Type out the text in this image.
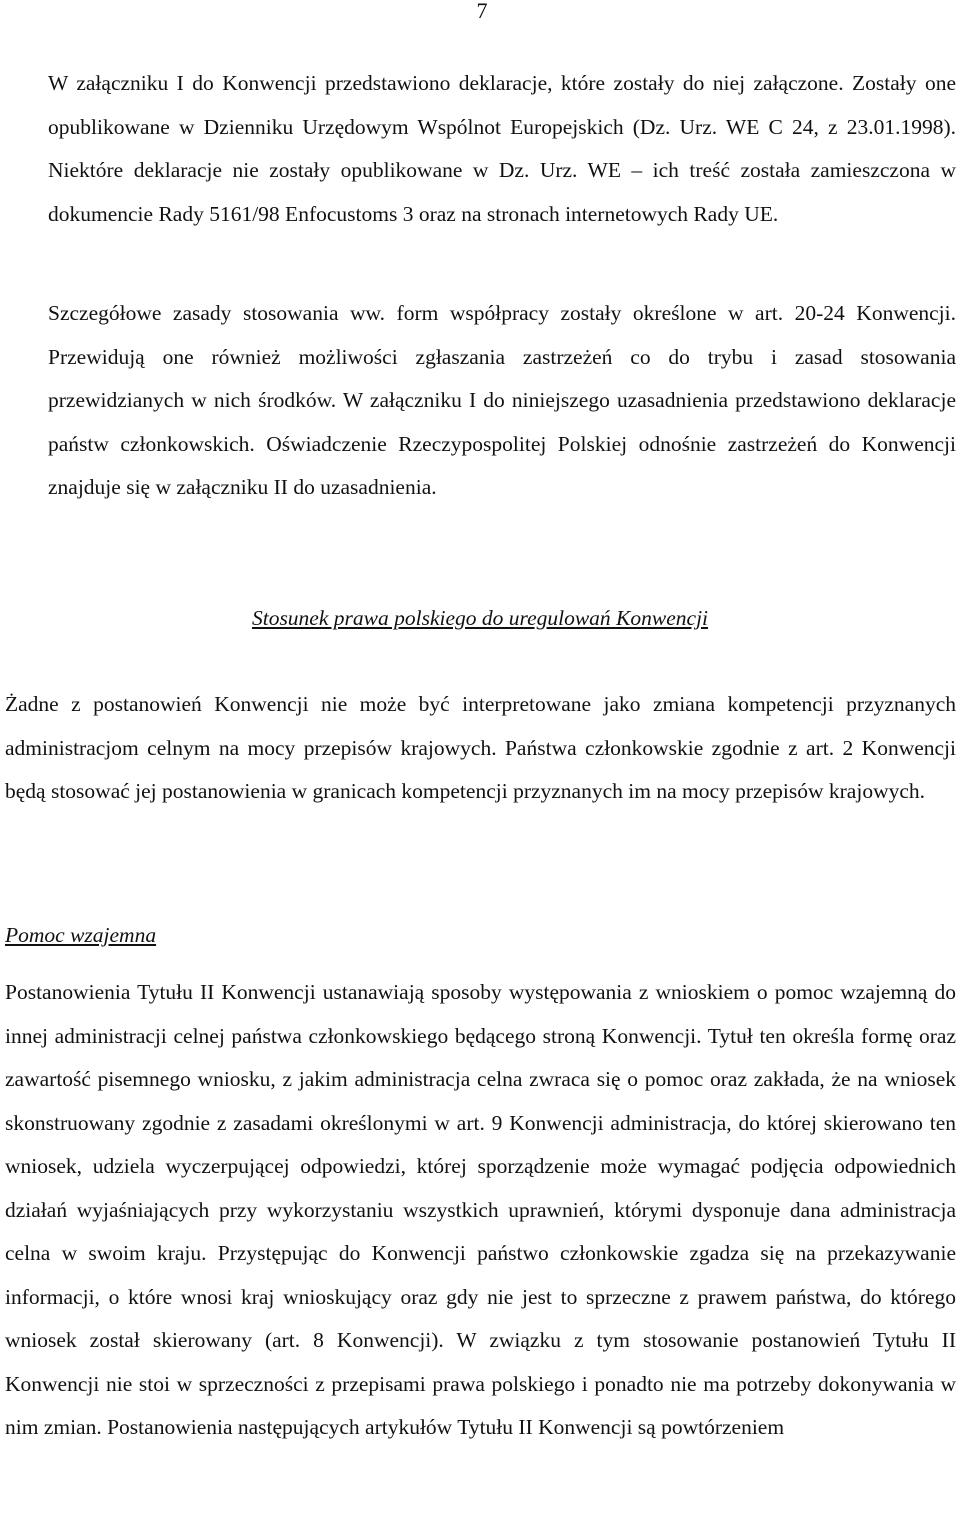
7

W załączniku I do Konwencji przedstawiono deklaracje, które zostały do niej załączone. Zostały one opublikowane w Dzienniku Urzędowym Wspólnot Europejskich (Dz. Urz. WE C 24, z 23.01.1998). Niektóre deklaracje nie zostały opublikowane w Dz. Urz. WE – ich treść została zamieszczona w dokumencie Rady 5161/98 Enfocustoms 3 oraz na stronach internetowych Rady UE.

Szczegółowe zasady stosowania ww. form współpracy zostały określone w art. 20-24 Konwencji. Przewidują one również możliwości zgłaszania zastrzeżeń co do trybu i zasad stosowania przewidzianych w nich środków. W załączniku I do niniejszego uzasadnienia przedstawiono deklaracje państw członkowskich. Oświadczenie Rzeczypospolitej Polskiej odnośnie zastrzeżeń do Konwencji znajduje się w załączniku II do uzasadnienia.

Stosunek prawa polskiego do uregulowań Konwencji

Żadne z postanowień Konwencji nie może być interpretowane jako zmiana kompetencji przyznanych administracjom celnym na mocy przepisów krajowych. Państwa członkowskie zgodnie z art. 2 Konwencji będą stosować jej postanowienia w granicach kompetencji przyznanych im na mocy przepisów krajowych.

Pomoc wzajemna

Postanowienia Tytułu II Konwencji ustanawiają sposoby występowania z wnioskiem o pomoc wzajemną do innej administracji celnej państwa członkowskiego będącego stroną Konwencji. Tytuł ten określa formę oraz zawartość pisemnego wniosku, z jakim administracja celna zwraca się o pomoc oraz zakłada, że na wniosek skonstruowany zgodnie z zasadami określonymi w art. 9 Konwencji administracja, do której skierowano ten wniosek, udziela wyczerpującej odpowiedzi, której sporządzenie może wymagać podjęcia odpowiednich działań wyjaśniających przy wykorzystaniu wszystkich uprawnień, którymi dysponuje dana administracja celna w swoim kraju. Przystępując do Konwencji państwo członkowskie zgadza się na przekazywanie informacji, o które wnosi kraj wnioskujący oraz gdy nie jest to sprzeczne z prawem państwa, do którego wniosek został skierowany (art. 8 Konwencji). W związku z tym stosowanie postanowień Tytułu II Konwencji nie stoi w sprzeczności z przepisami prawa polskiego i ponadto nie ma potrzeby dokonywania w nim zmian. Postanowienia następujących artykułów Tytułu II Konwencji są powtórzeniem
